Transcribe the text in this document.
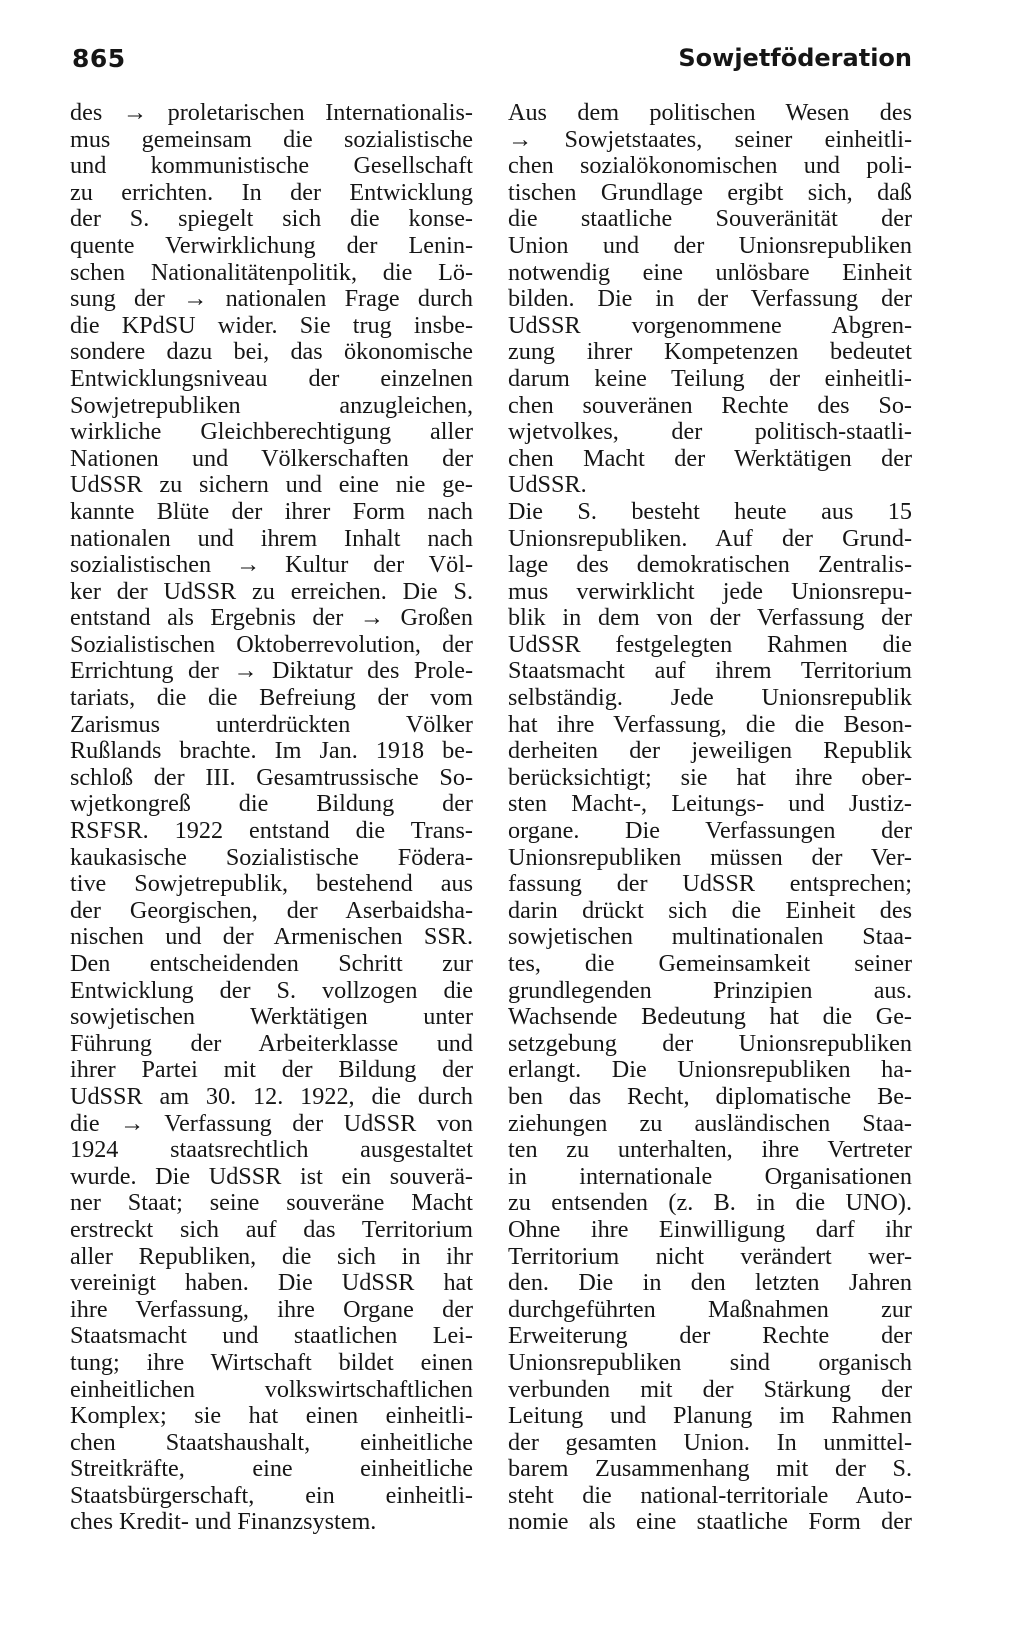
865	Sowjetföderation
des → proletarischen Internationalis-
mus gemeinsam die sozialistische
und kommunistische Gesellschaft
zu errichten. In der Entwicklung
der S. spiegelt sich die konse-
quente Verwirklichung der Lenin-
schen Nationalitätenpolitik, die Lö-
sung der → nationalen Frage durch
die KPdSU wider. Sie trug insbe-
sondere dazu bei, das ökonomische
Entwicklungsniveau der einzelnen
Sowjetrepubliken anzugleichen,
wirkliche Gleichberechtigung aller
Nationen und Völkerschaften der
UdSSR zu sichern und eine nie ge-
kannte Blüte der ihrer Form nach
nationalen und ihrem Inhalt nach
sozialistischen → Kultur der Völ-
ker der UdSSR zu erreichen. Die S.
entstand als Ergebnis der → Großen
Sozialistischen Oktoberrevolution, der
Errichtung der → Diktatur des Prole-
tariats, die die Befreiung der vom
Zarismus unterdrückten Völker
Rußlands brachte. Im Jan. 1918 be-
schloß der III. Gesamtrussische So-
wjetkongreß die Bildung der
RSFSR. 1922 entstand die Trans-
kaukasische Sozialistische Föderа-
tive Sowjetrepublik, bestehend aus
der Georgischen, der Aserbaidsha-
nischen und der Armenischen SSR.
Den entscheidenden Schritt zur
Entwicklung der S. vollzogen die
sowjetischen Werktätigen unter
Führung der Arbeiterklasse und
ihrer Partei mit der Bildung der
UdSSR am 30. 12. 1922, die durch
die → Verfassung der UdSSR von
1924 staatsrechtlich ausgestaltet
wurde. Die UdSSR ist ein souverä-
ner Staat; seine souveräne Macht
erstreckt sich auf das Territorium
aller Republiken, die sich in ihr
vereinigt haben. Die UdSSR hat
ihre Verfassung, ihre Organe der
Staatsmacht und staatlichen Lei-
tung; ihre Wirtschaft bildet einen
einheitlichen volkswirtschaftlichen
Komplex; sie hat einen einheitli-
chen Staatshaushalt, einheitliche
Streitkräfte, eine einheitliche
Staatsbürgerschaft, ein einheitli-
ches Kredit- und Finanzsystem.
Aus dem politischen Wesen des
→ Sowjetstaates, seiner einheitli-
chen sozialökonomischen und poli-
tischen Grundlage ergibt sich, daß
die staatliche Souveränität der
Union und der Unionsrepubliken
notwendig eine unlösbare Einheit
bilden. Die in der Verfassung der
UdSSR vorgenommene Abgren-
zung ihrer Kompetenzen bedeutet
darum keine Teilung der einheitli-
chen souveränen Rechte des So-
wjetvolkes, der politisch-staatli-
chen Macht der Werktätigen der
UdSSR.
Die S. besteht heute aus 15
Unionsrepubliken. Auf der Grund-
lage des demokratischen Zentralis-
mus verwirklicht jede Unionsrepu-
blik in dem von der Verfassung der
UdSSR festgelegten Rahmen die
Staatsmacht auf ihrem Territorium
selbständig. Jede Unionsrepublik
hat ihre Verfassung, die die Beson-
derheiten der jeweiligen Republik
berücksichtigt; sie hat ihre ober-
sten Macht-, Leitungs- und Justiz-
organe. Die Verfassungen der
Unionsrepubliken müssen der Ver-
fassung der UdSSR entsprechen;
darin drückt sich die Einheit des
sowjetischen multinationalen Staa-
tes, die Gemeinsamkeit seiner
grundlegenden Prinzipien aus.
Wachsende Bedeutung hat die Ge-
setzgebung der Unionsrepubliken
erlangt. Die Unionsrepubliken ha-
ben das Recht, diplomatische Be-
ziehungen zu ausländischen Staa-
ten zu unterhalten, ihre Vertreter
in internationale Organisationen
zu entsenden (z. B. in die UNO).
Ohne ihre Einwilligung darf ihr
Territorium nicht verändert wer-
den. Die in den letzten Jahren
durchgeführten Maßnahmen zur
Erweiterung der Rechte der
Unionsrepubliken sind organisch
verbunden mit der Stärkung der
Leitung und Planung im Rahmen
der gesamten Union. In unmittel-
barem Zusammenhang mit der S.
steht die national-territoriale Auto-
nomie als eine staatliche Form der
